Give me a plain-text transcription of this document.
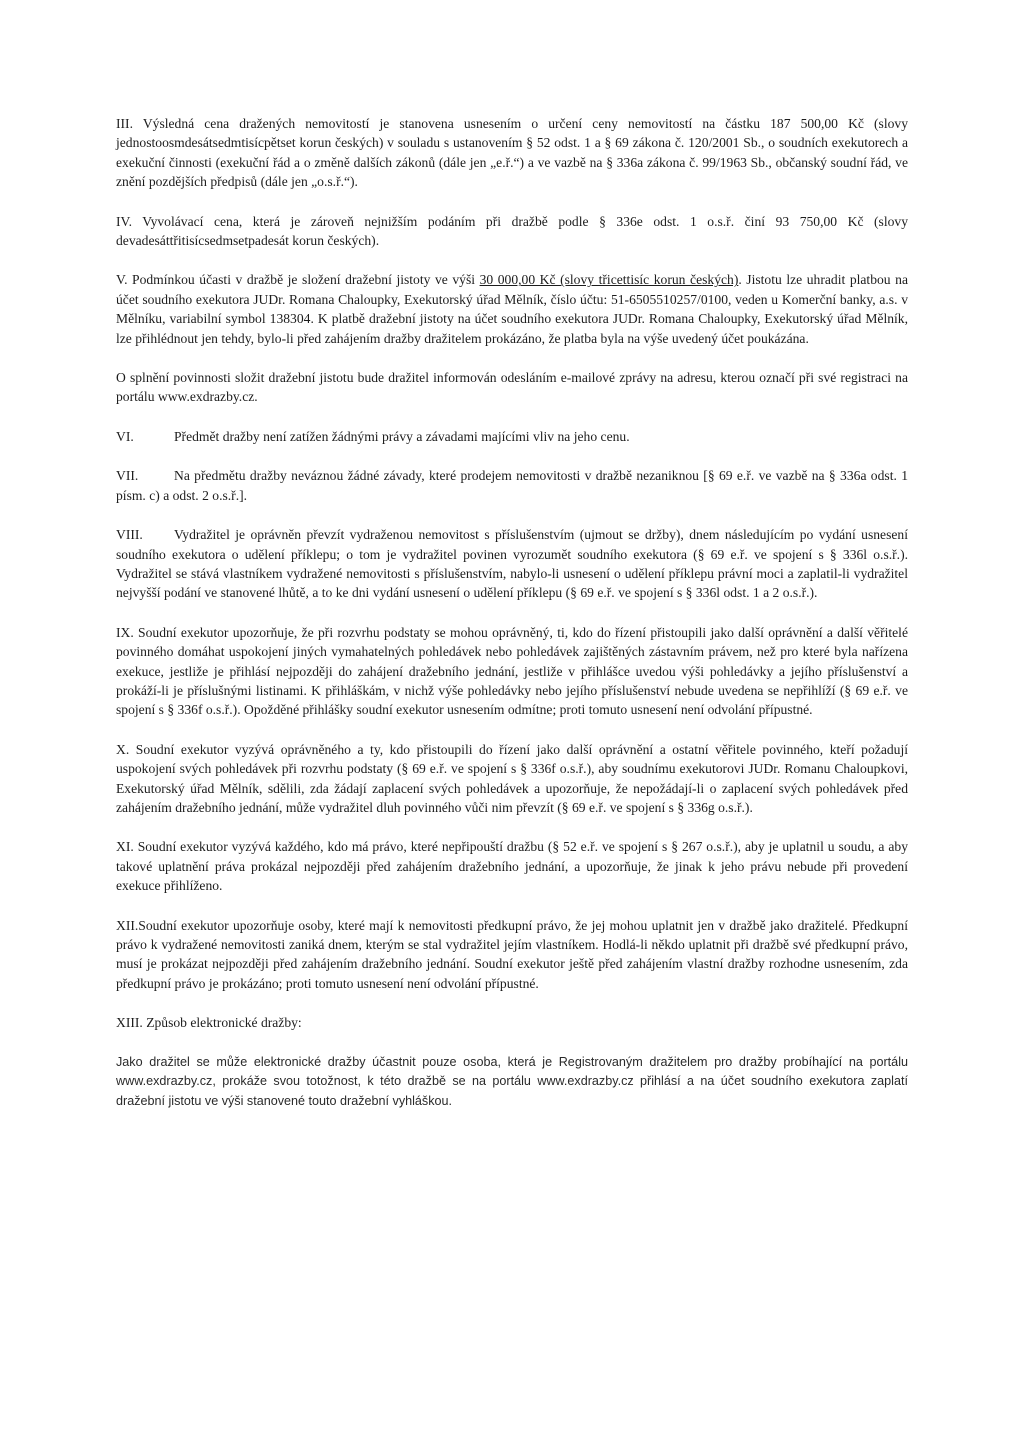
III. Výsledná cena dražených nemovitostí je stanovena usnesením o určení ceny nemovitostí na částku 187 500,00 Kč (slovy jednostoosmdesátsedmtisícpětset korun českých) v souladu s ustanovením § 52 odst. 1 a § 69 zákona č. 120/2001 Sb., o soudních exekutorech a exekuční činnosti (exekuční řád a o změně dalších zákonů (dále jen „e.ř.“) a ve vazbě na § 336a zákona č. 99/1963 Sb., občanský soudní řád, ve znění pozdějších předpisů (dále jen „o.s.ř.“).

IV. Vyvolávací cena, která je zároveň nejnižším podáním při dražbě podle § 336e odst. 1 o.s.ř. činí 93 750,00 Kč (slovy devadesáttřitisícsedmsetpadesát korun českých).

V. Podmínkou účasti v dražbě je složení dražební jistoty ve výši 30 000,00 Kč (slovy třicettisíc korun českých). Jistotu lze uhradit platbou na účet soudního exekutora JUDr. Romana Chaloupky, Exekutorský úřad Mělník, číslo účtu: 51-6505510257/0100, veden u Komerční banky, a.s. v Mělníku, variabilní symbol 138304. K platbě dražební jistoty na účet soudního exekutora JUDr. Romana Chaloupky, Exekutorský úřad Mělník, lze přihlédnout jen tehdy, bylo-li před zahájením dražby dražitelem prokázáno, že platba byla na výše uvedený účet poukázána.

O splnění povinnosti složit dražební jistotu bude dražitel informován odesláním e-mailové zprávy na adresu, kterou označí při své registraci na portálu www.exdrazby.cz.

VI.	Předmět dražby není zatížen žádnými právy a závadami majícími vliv na jeho cenu.

VII.	Na předmětu dražby neváznou žádné závady, které prodejem nemovitosti v dražbě nezaniknou [§ 69 e.ř. ve vazbě na § 336a odst. 1 písm. c) a odst. 2 o.s.ř.].

VIII. Vydražitel je oprávněn převzít vydraženou nemovitost s příslušenstvím (ujmout se držby), dnem následujícím po vydání usnesení soudního exekutora o udělení příklepu; o tom je vydražitel povinen vyrozumět soudního exekutora (§ 69 e.ř. ve spojení s § 336l o.s.ř.). Vydražitel se stává vlastníkem vydražené nemovitosti s příslušenstvím, nabylo-li usnesení o udělení příklepu právní moci a zaplatil-li vydražitel nejvyšší podání ve stanovené lhůtě, a to ke dni vydání usnesení o udělení příklepu (§ 69 e.ř. ve spojení s § 336l odst. 1 a 2 o.s.ř.).

IX. Soudní exekutor upozorňuje, že při rozvrhu podstaty se mohou oprávněný, ti, kdo do řízení přistoupili jako další oprávnění a další věřitelé povinného domáhat uspokojení jiných vymahatelných pohledávek nebo pohledávek zajištěných zástavním právem, než pro které byla nařízena exekuce, jestliže je přihlásí nejpozději do zahájení dražebního jednání, jestliže v přihlášce uvedou výši pohledávky a jejího příslušenství a prokáží-li je příslušnými listinami. K přihláškám, v nichž výše pohledávky nebo jejího příslušenství nebude uvedena se nepřihlíží (§ 69 e.ř. ve spojení s § 336f o.s.ř.). Opožděné přihlášky soudní exekutor usnesením odmítne; proti tomuto usnesení není odvolání přípustné.

X. Soudní exekutor vyzývá oprávněného a ty, kdo přistoupili do řízení jako další oprávnění a ostatní věřitele povinného, kteří požadují uspokojení svých pohledávek při rozvrhu podstaty (§ 69 e.ř. ve spojení s § 336f o.s.ř.), aby soudnímu exekutorovi JUDr. Romanu Chaloupkovi, Exekutorský úřad Mělník, sdělili, zda žádají zaplacení svých pohledávek a upozorňuje, že nepožádají-li o zaplacení svých pohledávek před zahájením dražebního jednání, může vydražitel dluh povinného vůči nim převzít (§ 69 e.ř. ve spojení s § 336g o.s.ř.).

XI. Soudní exekutor vyzývá každého, kdo má právo, které nepřipouští dražbu (§ 52 e.ř. ve spojení s § 267 o.s.ř.), aby je uplatnil u soudu, a aby takové uplatnění práva prokázal nejpozději před zahájením dražebního jednání, a upozorňuje, že jinak k jeho právu nebude při provedení exekuce přihlíženo.

XII.Soudní exekutor upozorňuje osoby, které mají k nemovitosti předkupní právo, že jej mohou uplatnit jen v dražbě jako dražitelé. Předkupní právo k vydražené nemovitosti zaniká dnem, kterým se stal vydražitel jejím vlastníkem. Hodlá-li někdo uplatnit při dražbě své předkupní právo, musí je prokázat nejpozději před zahájením dražebního jednání. Soudní exekutor ještě před zahájením vlastní dražby rozhodne usnesením, zda předkupní právo je prokázáno; proti tomuto usnesení není odvolání přípustné.

XIII. Způsob elektronické dražby:

Jako dražitel se může elektronické dražby účastnit pouze osoba, která je Registrovaným dražitelem pro dražby probíhající na portálu www.exdrazby.cz, prokáže svou totožnost, k této dražbě se na portálu www.exdrazby.cz přihlásí a na účet soudního exekutora zaplatí dražební jistotu ve výši stanovené touto dražební vyhláškou.
